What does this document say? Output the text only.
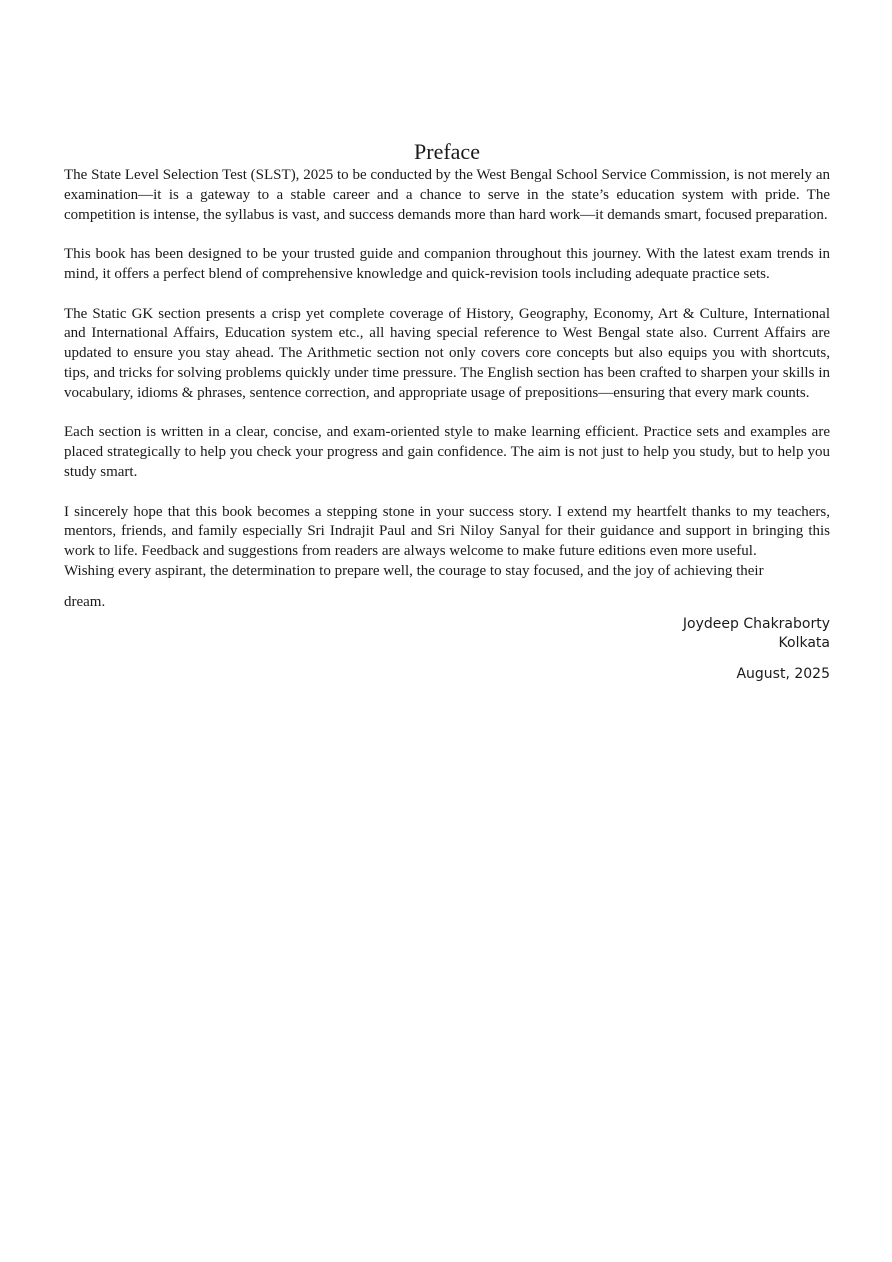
Preface

The State Level Selection Test (SLST), 2025 to be conducted by the West Bengal School Service Commission, is not merely an examination—it is a gateway to a stable career and a chance to serve in the state’s education system with pride. The competition is intense, the syllabus is vast, and success demands more than hard work—it demands smart, focused preparation.

This book has been designed to be your trusted guide and companion throughout this journey. With the latest exam trends in mind, it offers a perfect blend of comprehensive knowledge and quick-revision tools including adequate practice sets.

The Static GK section presents a crisp yet complete coverage of History, Geography, Economy, Art & Culture, International and International Affairs, Education system etc., all having special reference to West Bengal state also. Current Affairs are updated to ensure you stay ahead. The Arithmetic section not only covers core concepts but also equips you with shortcuts, tips, and tricks for solving problems quickly under time pressure. The English section has been crafted to sharpen your skills in vocabulary, idioms & phrases, sentence correction, and appropriate usage of prepositions—ensuring that every mark counts.

Each section is written in a clear, concise, and exam-oriented style to make learning efficient. Practice sets and examples are placed strategically to help you check your progress and gain confidence. The aim is not just to help you study, but to help you study smart.

I sincerely hope that this book becomes a stepping stone in your success story. I extend my heartfelt thanks to my teachers, mentors, friends, and family especially Sri Indrajit Paul and Sri Niloy Sanyal for their guidance and support in bringing this work to life. Feedback and suggestions from readers are always welcome to make future editions even more useful.

Wishing every aspirant, the determination to prepare well, the courage to stay focused, and the joy of achieving their
dream.

Joydeep Chakraborty
Kolkata
August, 2025
